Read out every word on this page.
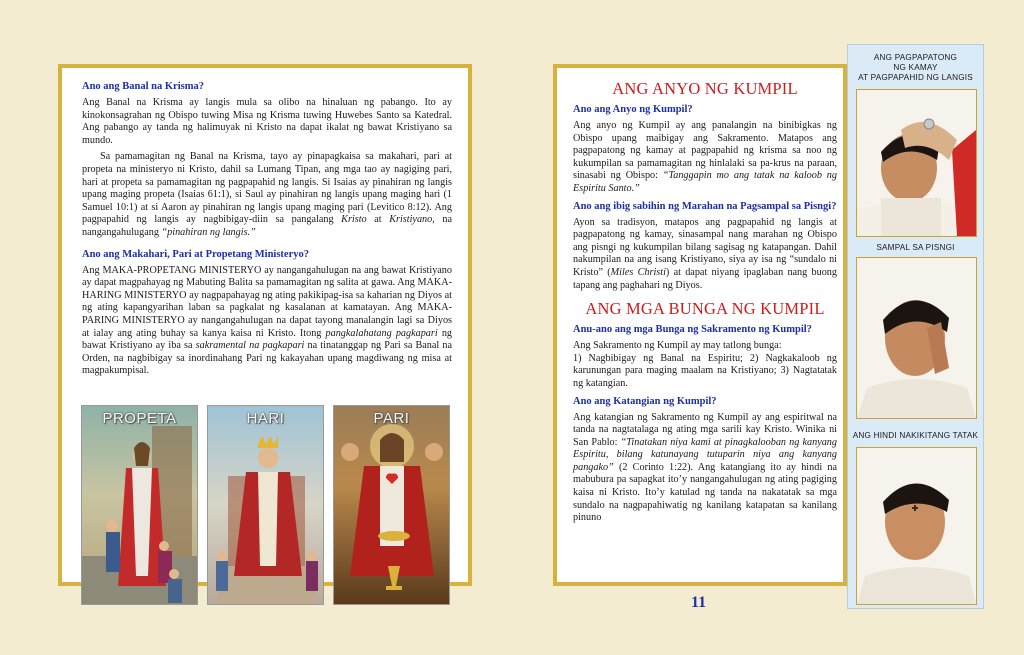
Ano ang Banal na Krisma?

Ang Banal na Krisma ay langis mula sa olibo na hinaluan ng pabango. Ito ay kinokonsagrahan ng Obispo tuwing Misa ng Krisma tuwing Huwebes Santo sa Katedral. Ang pabango ay tanda ng halimuyak ni Kristo na dapat ikalat ng bawat Kristiyano sa mundo.

Sa pamamagitan ng Banal na Krisma, tayo ay pinapagkaisa sa makahari, pari at propeta na ministeryo ni Kristo, dahil sa Lumang Tipan, ang mga tao ay nagiging pari, hari at propeta sa pamamagitan ng pagpapahid ng langis. Si Isaias ay pinahiran ng langis upang maging propeta (Isaias 61:1), si Saul ay pinahiran ng langis upang maging hari (1 Samuel 10:1) at si Aaron ay pinahiran ng langis upang maging pari (Levitico 8:12). Ang pagpapahid ng langis ay nagbibigay-diin sa pangalang Kristo at Kristiyano, na nangangahulugang “pinahiran ng langis.”

Ano ang Makahari, Pari at Propetang Ministeryo?

Ang MAKA-PROPETANG MINISTERYO ay nangangahulugan na ang bawat Kristiyano ay dapat magpahayag ng Mabuting Balita sa pamamagitan ng salita at gawa. Ang MAKA-HARING MINISTERYO ay nagpapahayag ng ating pakikipag-isa sa kaharian ng Diyos at ng ating kapangyarihan laban sa pagkalat ng kasalanan at kamatayan. Ang MAKA-PARING MINISTERYO ay nangangahulugan na dapat tayong manalangin lagi sa Diyos at ialay ang ating buhay sa kanya kaisa ni Kristo. Itong pangkalahatang pagkapari ng bawat Kristiyano ay iba sa sakramental na pagkapari na tinatanggap ng Pari sa Banal na Orden, na nagbibigay sa inordinahang Pari ng kakayahan upang magdiwang ng misa at magpakumpisal.

PROPETA	HARI	PARI
ANG ANYO NG KUMPIL
Ano ang Anyo ng Kumpil?

Ang anyo ng Kumpil ay ang panalangin na binibigkas ng Obispo upang maibigay ang Sakramento. Matapos ang pagpapatong ng kamay at pagpapahid ng krisma sa noo ng kukumpilan sa pamamagitan ng hinlalaki sa pa-krus na paraan, sinasabi ng Obispo: “Tanggapin mo ang tatak na kaloob ng Espiritu Santo.”

Ano ang ibig sabihin ng Marahan na Pagsampal sa Pisngi?

Ayon sa tradisyon, matapos ang pagpapahid ng langis at pagpapatong ng kamay, sinasampal nang marahan ng Obispo ang pisngi ng kukumpilan bilang sagisag ng katapangan. Dahil nakumpilan na ang isang Kristiyano, siya ay isa ng “sundalo ni Kristo” (Miles Christi) at dapat niyang ipaglaban nang buong tapang ang paghahari ng Diyos.

ANG MGA BUNGA NG KUMPIL
Anu-ano ang mga Bunga ng Sakramento ng Kumpil?

Ang Sakramento ng Kumpil ay may tatlong bunga:

1) Nagbibigay ng Banal na Espiritu; 2) Nagkakaloob ng karunungan para maging maalam na Kristiyano; 3) Nagtatatak ng katangian.

Ano ang Katangian ng Kumpil?

Ang katangian ng Sakramento ng Kumpil ay ang espiritwal na tanda na nagtatalaga ng ating mga sarili kay Kristo. Winika ni San Pablo: “Tinatakan niya kami at pinagkalooban ng kanyang Espiritu, bilang katunayang tutuparin niya ang kanyang pangako” (2 Corinto 1:22). Ang katangiang ito ay hindi na mabubura pa sapagkat ito’y nangangahulugan ng ating pagiging kaisa ni Kristo. Ito’y katulad ng tanda na nakatatak sa mga sundalo na nagpapahiwatig ng kanilang katapatan sa kanilang pinuno

11
ANG PAGPAPATONG
NG KAMAY
AT PAGPAPAHID NG LANGIS
SAMPAL SA PISNGI
ANG HINDI NAKIKITANG TATAK
